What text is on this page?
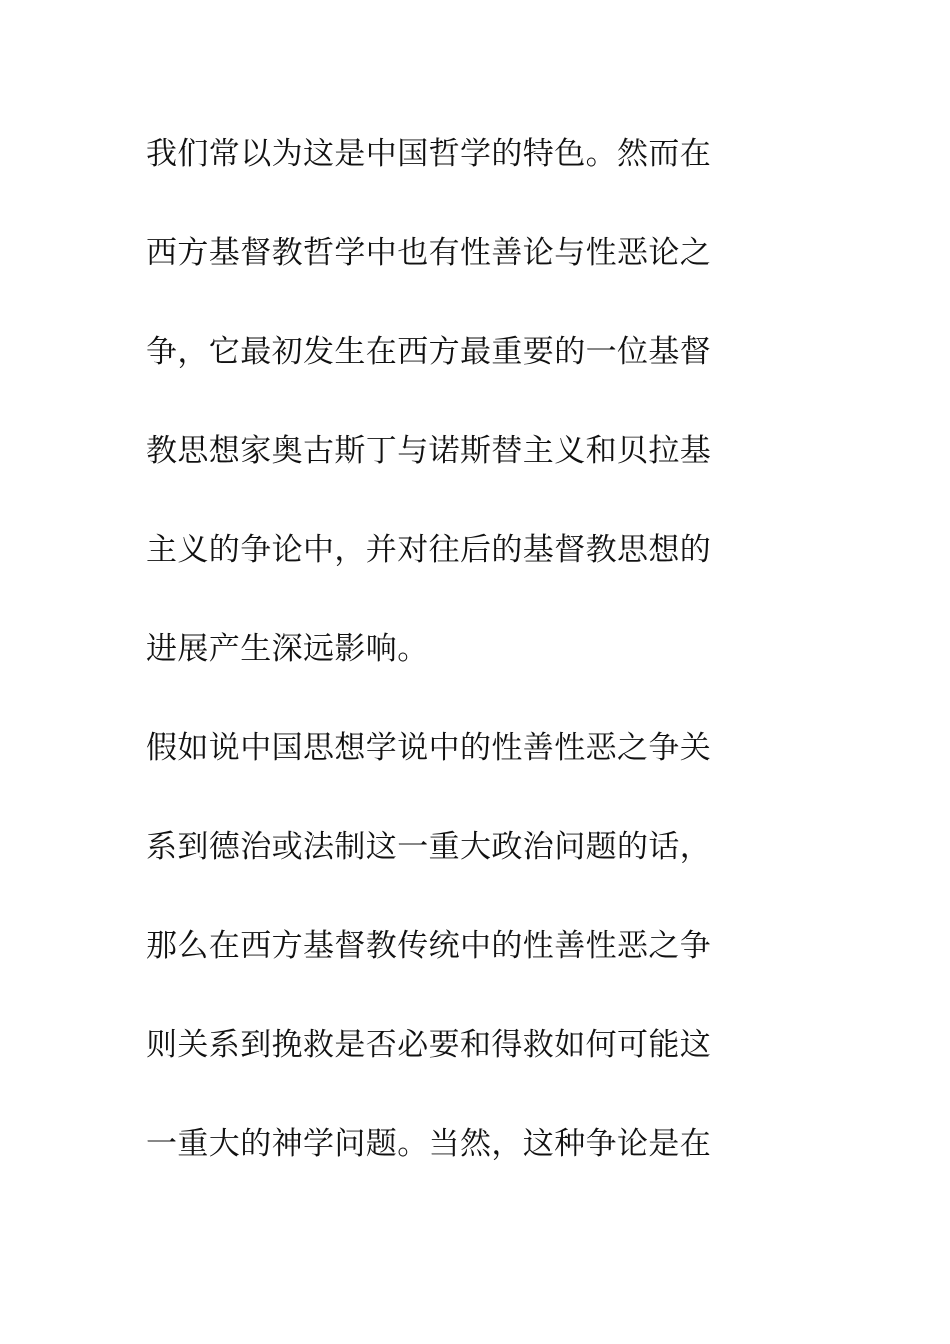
我们常以为这是中国哲学的特色。然而在
西方基督教哲学中也有性善论与性恶论之
争，它最初发生在西方最重要的一位基督
教思想家奥古斯丁与诺斯替主义和贝拉基
主义的争论中，并对往后的基督教思想的
进展产生深远影响。
假如说中国思想学说中的性善性恶之争关
系到德治或法制这一重大政治问题的话，
那么在西方基督教传统中的性善性恶之争
则关系到挽救是否必要和得救如何可能这
一重大的神学问题。当然，这种争论是在
